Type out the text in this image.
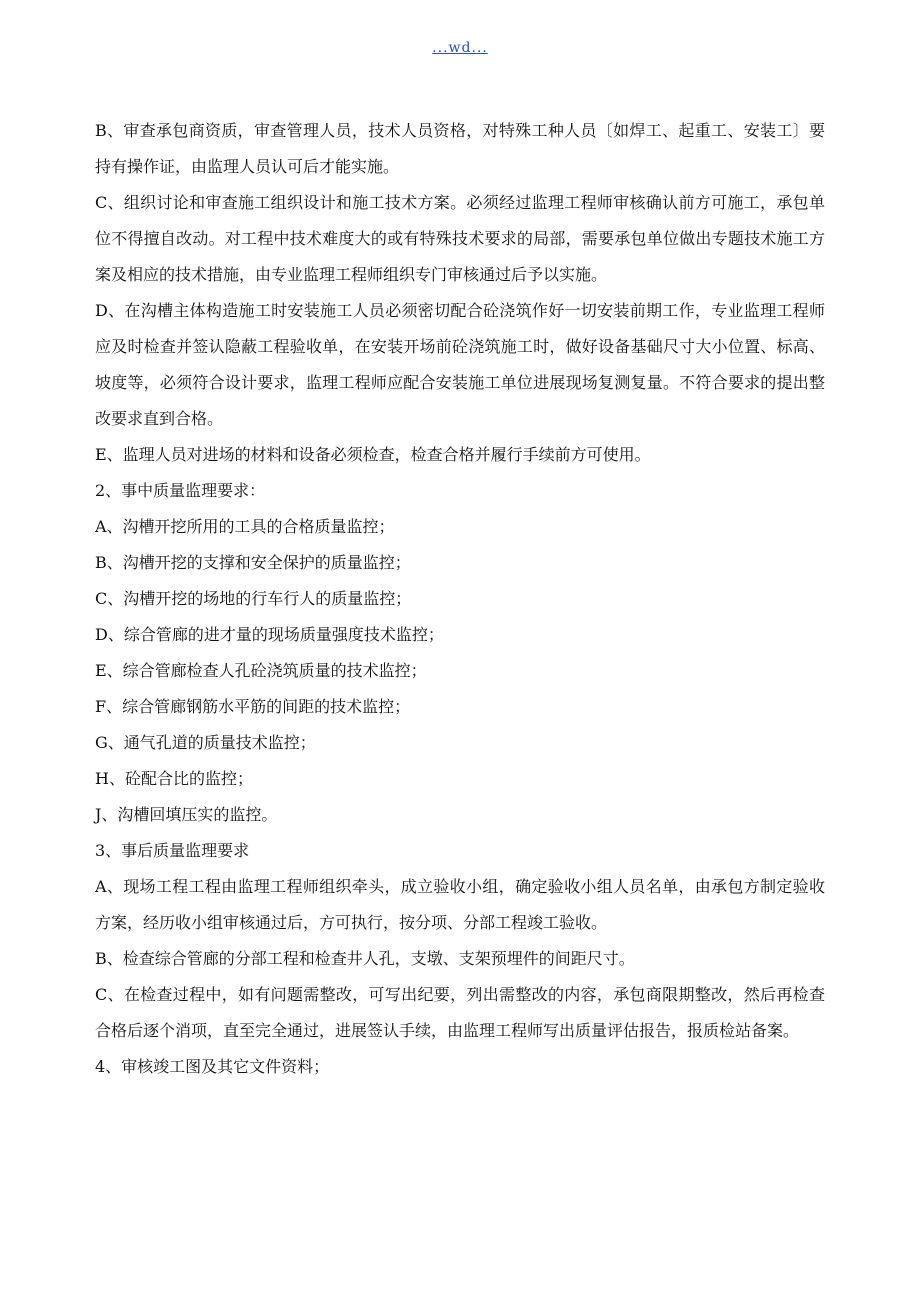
...wd...

B、审查承包商资质，审查管理人员，技术人员资格，对特殊工种人员〔如焊工、起重工、安装工〕要持有操作证，由监理人员认可后才能实施。

C、组织讨论和审查施工组织设计和施工技术方案。必须经过监理工程师审核确认前方可施工，承包单位不得擅自改动。对工程中技术难度大的或有特殊技术要求的局部，需要承包单位做出专题技术施工方案及相应的技术措施，由专业监理工程师组织专门审核通过后予以实施。

D、在沟槽主体构造施工时安装施工人员必须密切配合砼浇筑作好一切安装前期工作，专业监理工程师应及时检查并签认隐蔽工程验收单，在安装开场前砼浇筑施工时，做好设备基础尺寸大小位置、标高、坡度等，必须符合设计要求，监理工程师应配合安装施工单位进展现场复测复量。不符合要求的提出整改要求直到合格。

E、监理人员对进场的材料和设备必须检查，检查合格并履行手续前方可使用。

2、事中质量监理要求：

A、沟槽开挖所用的工具的合格质量监控；

B、沟槽开挖的支撑和安全保护的质量监控；

C、沟槽开挖的场地的行车行人的质量监控；

D、综合管廊的进才量的现场质量强度技术监控；

E、综合管廊检查人孔砼浇筑质量的技术监控；

F、综合管廊钢筋水平筋的间距的技术监控；

G、通气孔道的质量技术监控；

H、砼配合比的监控；

J、沟槽回填压实的监控。

3、事后质量监理要求

A、现场工程工程由监理工程师组织牵头，成立验收小组，确定验收小组人员名单，由承包方制定验收方案，经历收小组审核通过后，方可执行，按分项、分部工程竣工验收。

B、检查综合管廊的分部工程和检查井人孔，支墩、支架预埋件的间距尺寸。

C、在检查过程中，如有问题需整改，可写出纪要，列出需整改的内容，承包商限期整改，然后再检查合格后逐个消项，直至完全通过，进展签认手续，由监理工程师写出质量评估报告，报质检站备案。

4、审核竣工图及其它文件资料；
